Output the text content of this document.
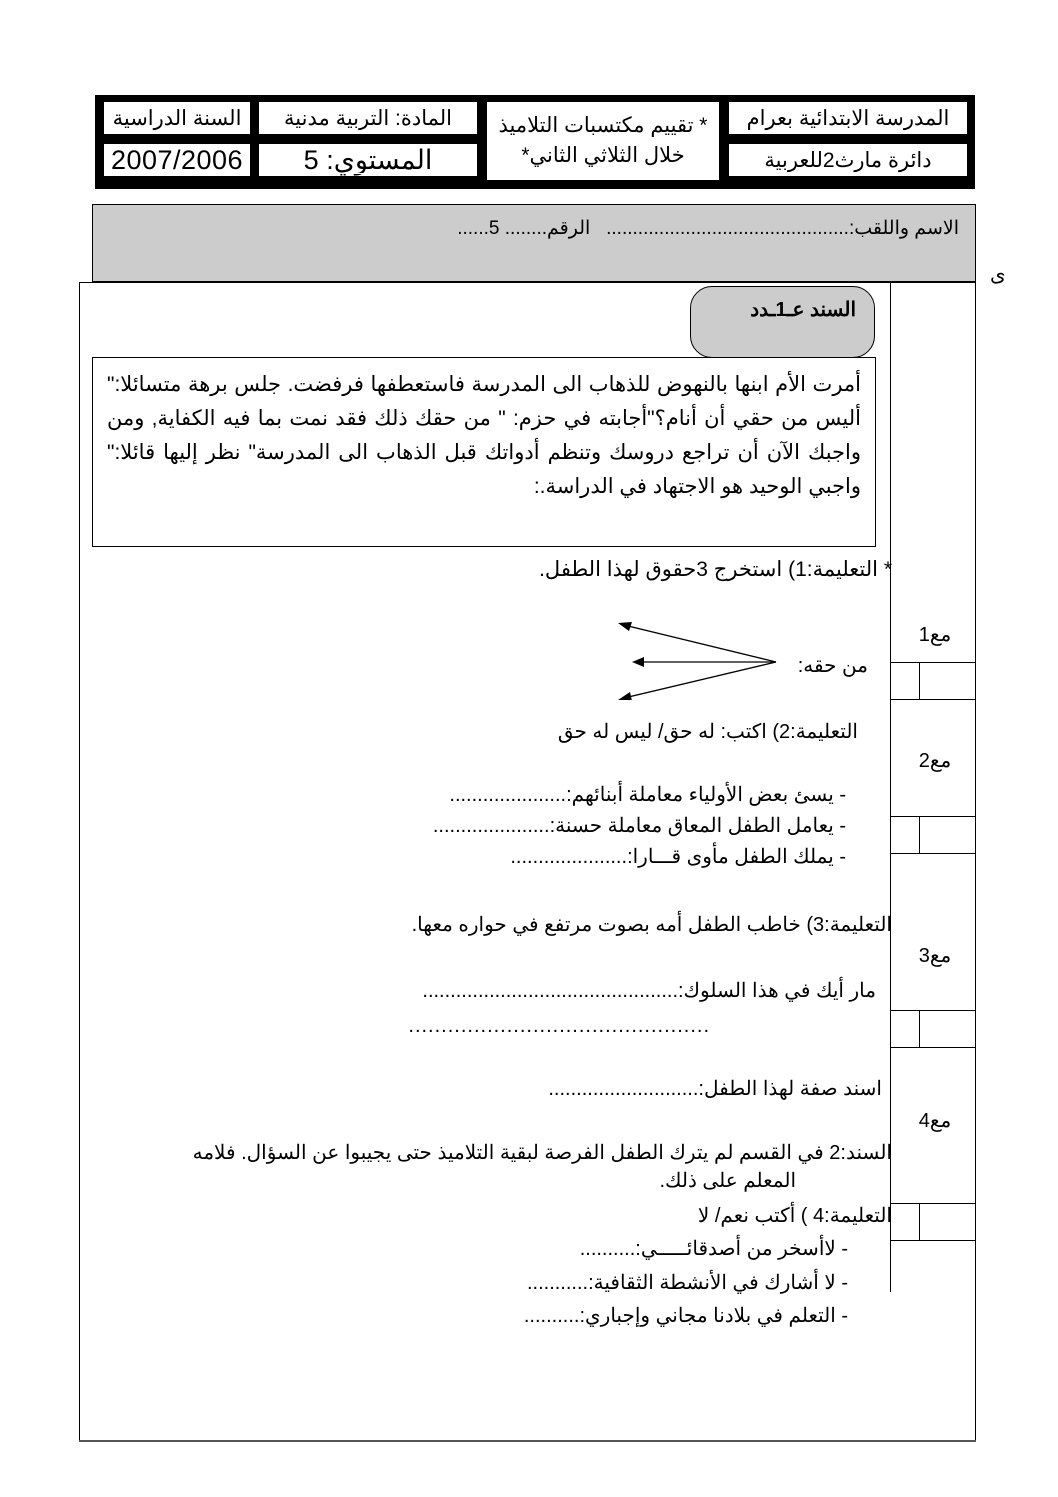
المدرسة الابتدائية بعرام
دائرة مارث2للعربية
* تقييم مكتسبات التلاميذ
خلال الثلاثي الثاني*
المادة: التربية مدنية
المستوي: 5
السنة الدراسية
2007/2006
الاسم واللقب:..............................................   الرقم........ 5......
ى
مع1
مع2
مع3
مع4
السند عـ1ـدد

أمرت الأم ابنها بالنهوض للذهاب الى المدرسة فاستعطفها فرفضت. جلس برهة متسائلا:" أليس من حقي أن أنام؟"أجابته في حزم: " من حقك ذلك فقد نمت بما فيه الكفاية, ومن واجبك الآن أن تراجع دروسك وتنظم أدواتك قبل الذهاب الى المدرسة" نظر إليها قائلا:" واجبي الوحيد هو الاجتهاد في الدراسة.:

* التعليمة:1) استخرج 3حقوق لهذا الطفل.
من حقه:
التعليمة:2) اكتب: له حق/ ليس له حق
- يسئ بعض الأولياء معاملة أبنائهم:.....................
- يعامل الطفل المعاق معاملة حسنة:.....................
- يملك الطفل مأوى قـــارا:.....................
التعليمة:3) خاطب الطفل أمه بصوت مرتفع في حواره معها.
مار أيك في هذا السلوك:..............................................
..............................................
اسند صفة لهذا الطفل:...........................
السند:2 في القسم لم يترك الطفل الفرصة لبقية التلاميذ حتى يجيبوا عن السؤال. فلامه
المعلم على ذلك.
التعليمة:4 ) أكتب نعم/ لا
- لاأسخر من أصدقائـــــي:..........
- لا أشارك في الأنشطة الثقافية:...........
- التعلم في بلادنا مجاني وإجباري:..........
